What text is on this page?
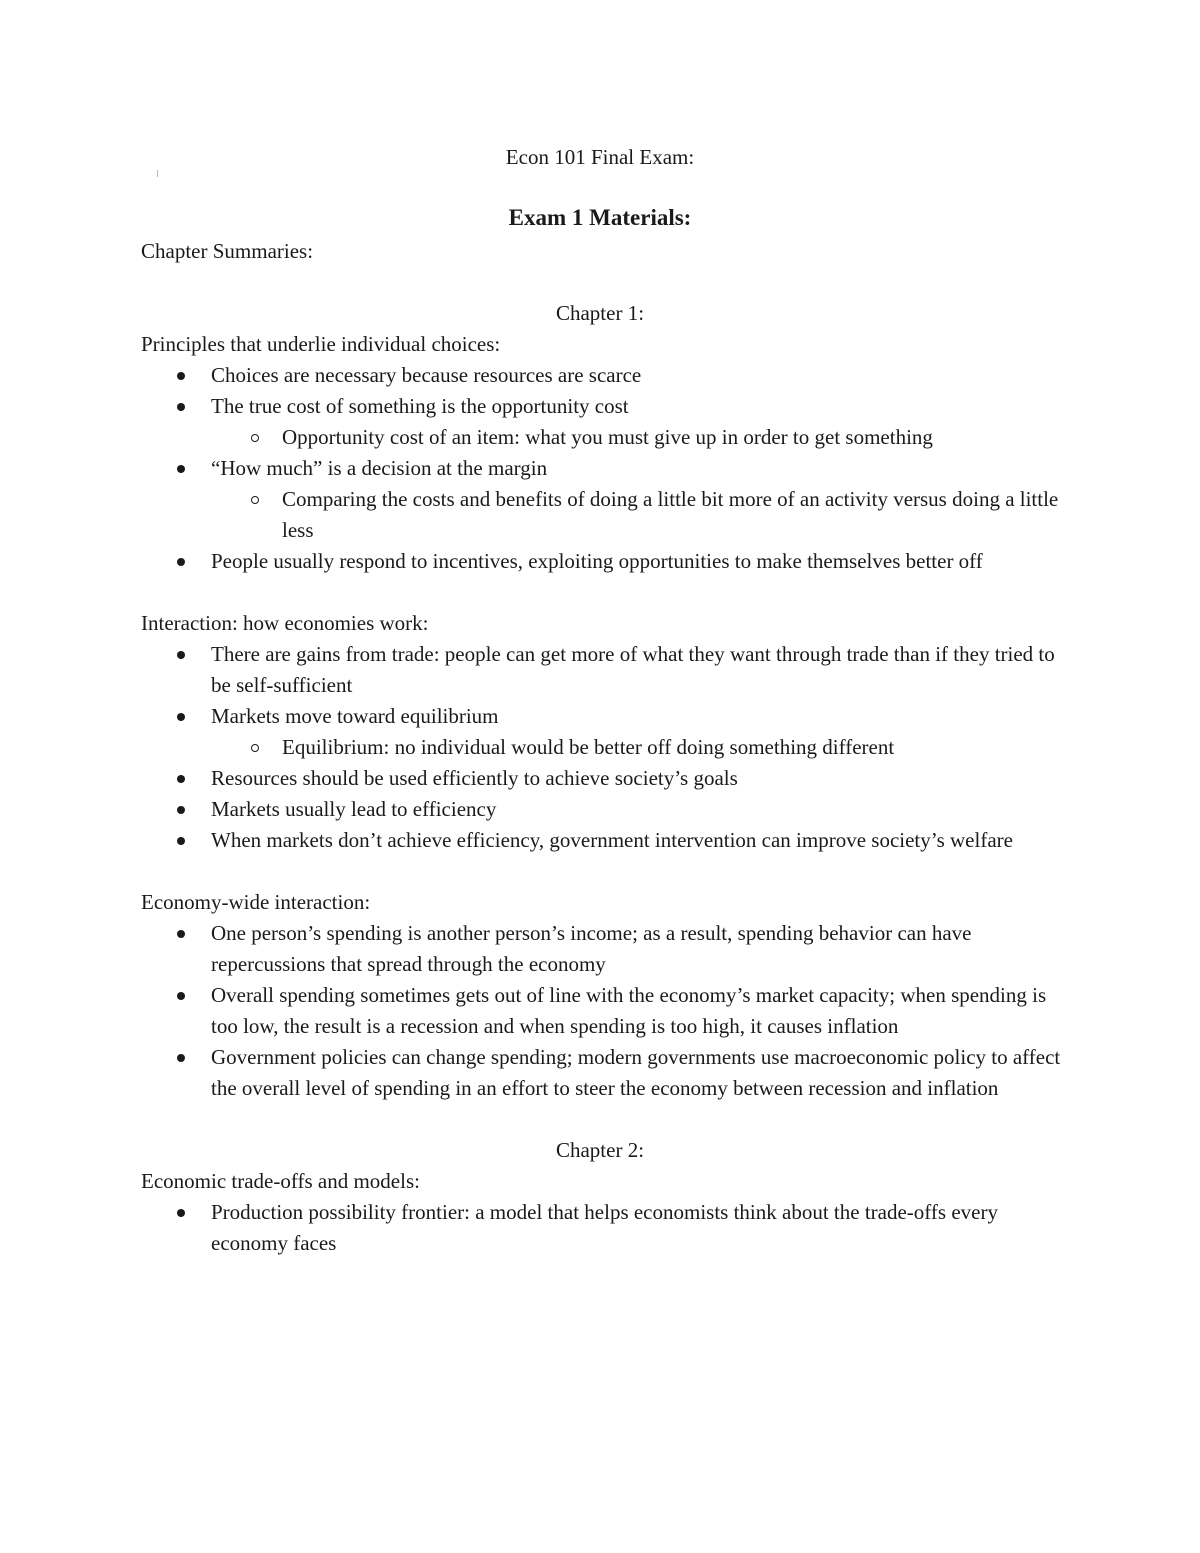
Econ 101 Final Exam:
Exam 1 Materials:

Chapter Summaries:

Chapter 1:

Principles that underlie individual choices:

Choices are necessary because resources are scarce
The true cost of something is the opportunity cost
Opportunity cost of an item: what you must give up in order to get something
“How much” is a decision at the margin
Comparing the costs and benefits of doing a little bit more of an activity versus doing a little less
People usually respond to incentives, exploiting opportunities to make themselves better off

Interaction: how economies work:

There are gains from trade: people can get more of what they want through trade than if they tried to be self-sufficient
Markets move toward equilibrium
Equilibrium: no individual would be better off doing something different
Resources should be used efficiently to achieve society’s goals
Markets usually lead to efficiency
When markets don’t achieve efficiency, government intervention can improve society’s welfare

Economy-wide interaction:

One person’s spending is another person’s income; as a result, spending behavior can have repercussions that spread through the economy
Overall spending sometimes gets out of line with the economy’s market capacity; when spending is too low, the result is a recession and when spending is too high, it causes inflation
Government policies can change spending; modern governments use macroeconomic policy to affect the overall level of spending in an effort to steer the economy between recession and inflation

Chapter 2:

Economic trade-offs and models:

Production possibility frontier: a model that helps economists think about the trade-offs every economy faces
